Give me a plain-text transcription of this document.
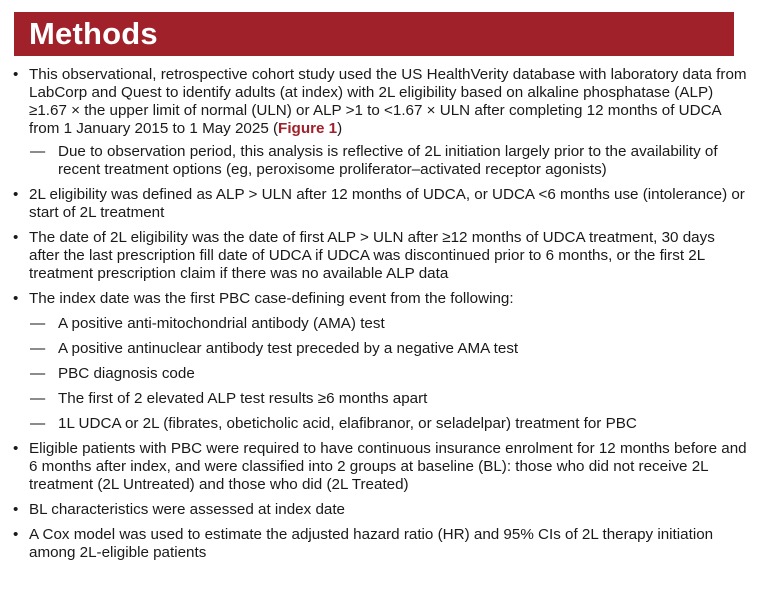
Methods
• This observational, retrospective cohort study used the US HealthVerity database with laboratory data from LabCorp and Quest to identify adults (at index) with 2L eligibility based on alkaline phosphatase (ALP) ≥1.67 × the upper limit of normal (ULN) or ALP >1 to <1.67 × ULN after completing 12 months of UDCA from 1 January 2015 to 1 May 2025 (Figure 1)
— Due to observation period, this analysis is reflective of 2L initiation largely prior to the availability of recent treatment options (eg, peroxisome proliferator–activated receptor agonists)
• 2L eligibility was defined as ALP > ULN after 12 months of UDCA, or UDCA <6 months use (intolerance) or start of 2L treatment
• The date of 2L eligibility was the date of first ALP > ULN after ≥12 months of UDCA treatment, 30 days after the last prescription fill date of UDCA if UDCA was discontinued prior to 6 months, or the first 2L treatment prescription claim if there was no available ALP data
• The index date was the first PBC case-defining event from the following:
— A positive anti-mitochondrial antibody (AMA) test
— A positive antinuclear antibody test preceded by a negative AMA test
— PBC diagnosis code
— The first of 2 elevated ALP test results ≥6 months apart
— 1L UDCA or 2L (fibrates, obeticholic acid, elafibranor, or seladelpar) treatment for PBC
• Eligible patients with PBC were required to have continuous insurance enrolment for 12 months before and 6 months after index, and were classified into 2 groups at baseline (BL): those who did not receive 2L treatment (2L Untreated) and those who did (2L Treated)
• BL characteristics were assessed at index date
• A Cox model was used to estimate the adjusted hazard ratio (HR) and 95% CIs of 2L therapy initiation among 2L-eligible patients
